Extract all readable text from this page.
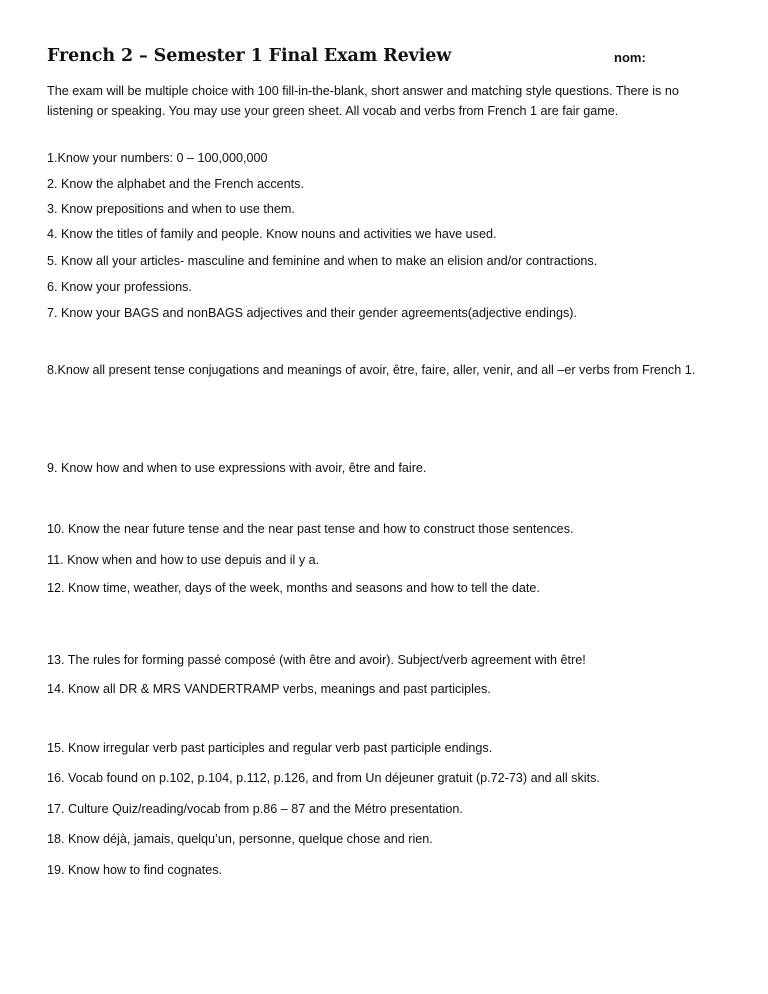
French 2 – Semester 1 Final Exam Review	nom:

The exam will be multiple choice with 100 fill-in-the-blank, short answer and matching style questions. There is no listening or speaking. You may use your green sheet. All vocab and verbs from French 1 are fair game.

1.Know your numbers: 0 – 100,000,000
2. Know the alphabet and the French accents.
3. Know prepositions and when to use them.
4. Know the titles of family and people. Know nouns and activities we have used.
5. Know all your articles- masculine and feminine and when to make an elision and/or contractions.
6. Know your professions.
7. Know your BAGS and nonBAGS adjectives and their gender agreements(adjective endings).
8.Know all present tense conjugations and meanings of avoir, être, faire, aller, venir, and all –er verbs from French 1.
9. Know how and when to use expressions with avoir, être and faire.
10. Know the near future tense and the near past tense and how to construct those sentences.
11. Know when and how to use depuis and il y a.
12. Know time, weather, days of the week, months and seasons and how to tell the date.
13. The rules for forming passé composé (with être and avoir). Subject/verb agreement with être!
14. Know all DR & MRS VANDERTRAMP verbs, meanings and past participles.
15. Know irregular verb past participles and regular verb past participle endings.
16. Vocab found on p.102, p.104, p.112, p.126, and from Un déjeuner gratuit (p.72-73) and all skits.
17. Culture Quiz/reading/vocab from p.86 – 87 and the Métro presentation.
18. Know déjà, jamais, quelqu’un, personne, quelque chose and rien.
19. Know how to find cognates.
